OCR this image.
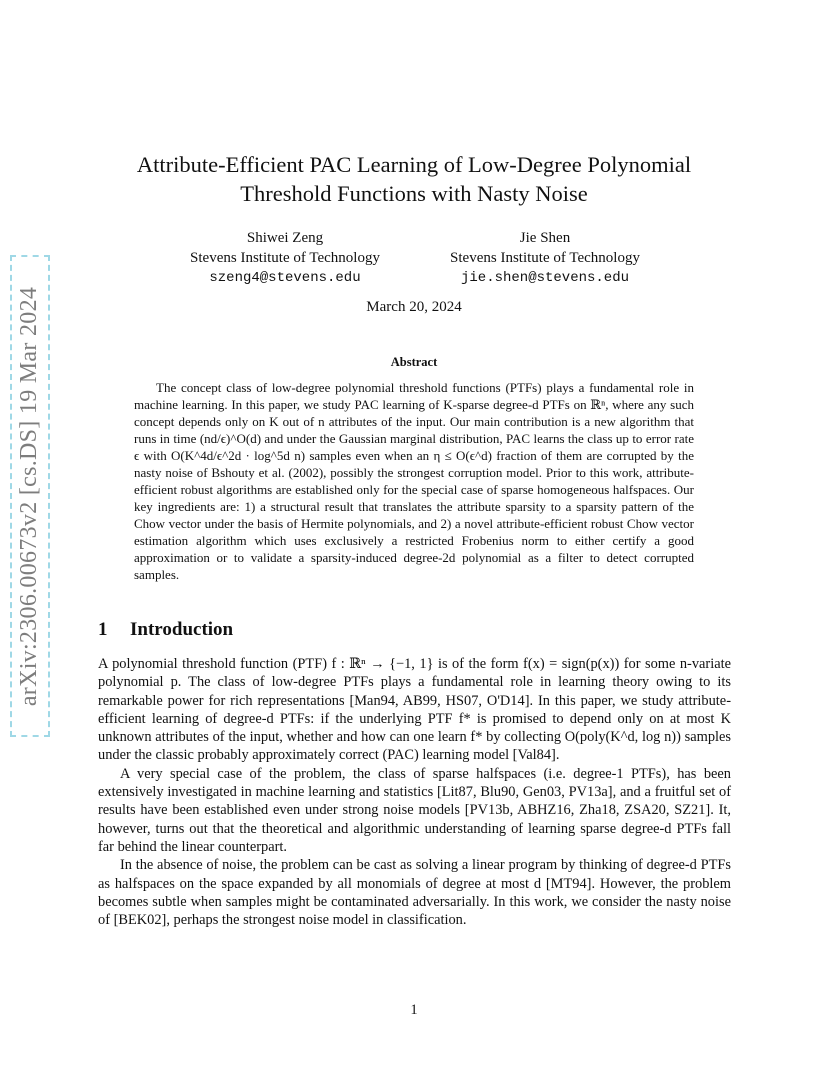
arXiv:2306.00673v2 [cs.DS] 19 Mar 2024
Attribute-Efficient PAC Learning of Low-Degree Polynomial
Threshold Functions with Nasty Noise
Shiwei Zeng
Stevens Institute of Technology
szeng4@stevens.edu
Jie Shen
Stevens Institute of Technology
jie.shen@stevens.edu
March 20, 2024
Abstract

The concept class of low-degree polynomial threshold functions (PTFs) plays a fundamental role in machine learning. In this paper, we study PAC learning of K-sparse degree-d PTFs on ℝⁿ, where any such concept depends only on K out of n attributes of the input. Our main contribution is a new algorithm that runs in time (nd/ϵ)^O(d) and under the Gaussian marginal distribution, PAC learns the class up to error rate ϵ with O(K^4d/ϵ^2d · log^5d n) samples even when an η ≤ O(ϵ^d) fraction of them are corrupted by the nasty noise of Bshouty et al. (2002), possibly the strongest corruption model. Prior to this work, attribute-efficient robust algorithms are established only for the special case of sparse homogeneous halfspaces. Our key ingredients are: 1) a structural result that translates the attribute sparsity to a sparsity pattern of the Chow vector under the basis of Hermite polynomials, and 2) a novel attribute-efficient robust Chow vector estimation algorithm which uses exclusively a restricted Frobenius norm to either certify a good approximation or to validate a sparsity-induced degree-2d polynomial as a filter to detect corrupted samples.

1 Introduction

A polynomial threshold function (PTF) f : ℝⁿ → {−1, 1} is of the form f(x) = sign(p(x)) for some n-variate polynomial p. The class of low-degree PTFs plays a fundamental role in learning theory owing to its remarkable power for rich representations [Man94, AB99, HS07, O'D14]. In this paper, we study attribute-efficient learning of degree-d PTFs: if the underlying PTF f* is promised to depend only on at most K unknown attributes of the input, whether and how can one learn f* by collecting O(poly(K^d, log n)) samples under the classic probably approximately correct (PAC) learning model [Val84].

A very special case of the problem, the class of sparse halfspaces (i.e. degree-1 PTFs), has been extensively investigated in machine learning and statistics [Lit87, Blu90, Gen03, PV13a], and a fruitful set of results have been established even under strong noise models [PV13b, ABHZ16, Zha18, ZSA20, SZ21]. It, however, turns out that the theoretical and algorithmic understanding of learning sparse degree-d PTFs fall far behind the linear counterpart.

In the absence of noise, the problem can be cast as solving a linear program by thinking of degree-d PTFs as halfspaces on the space expanded by all monomials of degree at most d [MT94]. However, the problem becomes subtle when samples might be contaminated adversarially. In this work, we consider the nasty noise of [BEK02], perhaps the strongest noise model in classification.

1
